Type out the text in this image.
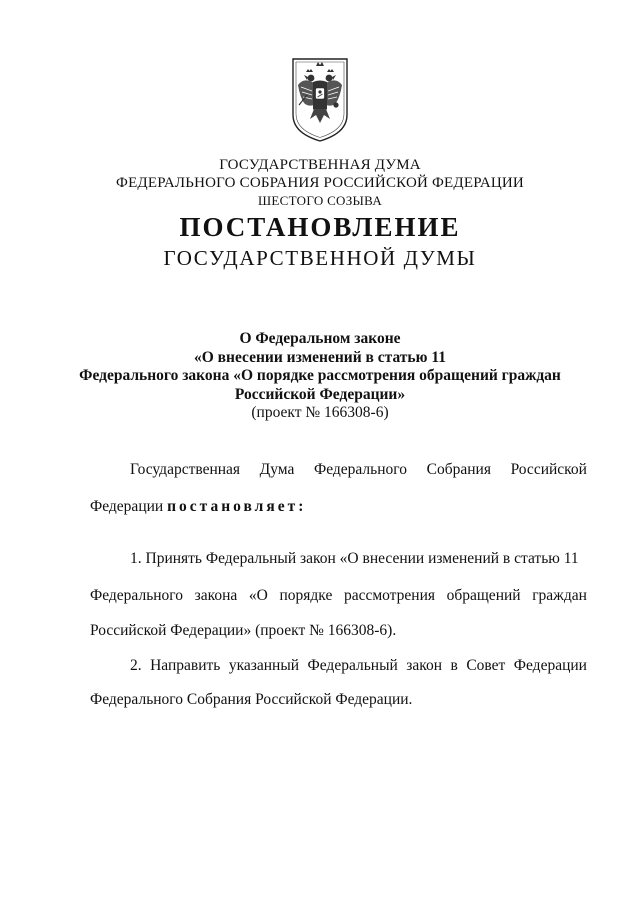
ГОСУДАРСТВЕННАЯ ДУМА
ФЕДЕРАЛЬНОГО СОБРАНИЯ РОССИЙСКОЙ ФЕДЕРАЦИИ
ШЕСТОГО СОЗЫВА
ПОСТАНОВЛЕНИЕ
ГОСУДАРСТВЕННОЙ ДУМЫ
О Федеральном законе
«О внесении изменений в статью 11
Федерального закона «О порядке рассмотрения обращений граждан
Российской Федерации»
(проект № 166308-6)
Государственная Дума Федерального Собрания Российской
Федерации постановляет:
1. Принять Федеральный закон «О внесении изменений в статью 11
Федерального закона «О порядке рассмотрения обращений граждан
Российской Федерации» (проект № 166308-6).
2. Направить указанный Федеральный закон в Совет Федерации
Федерального Собрания Российской Федерации.
